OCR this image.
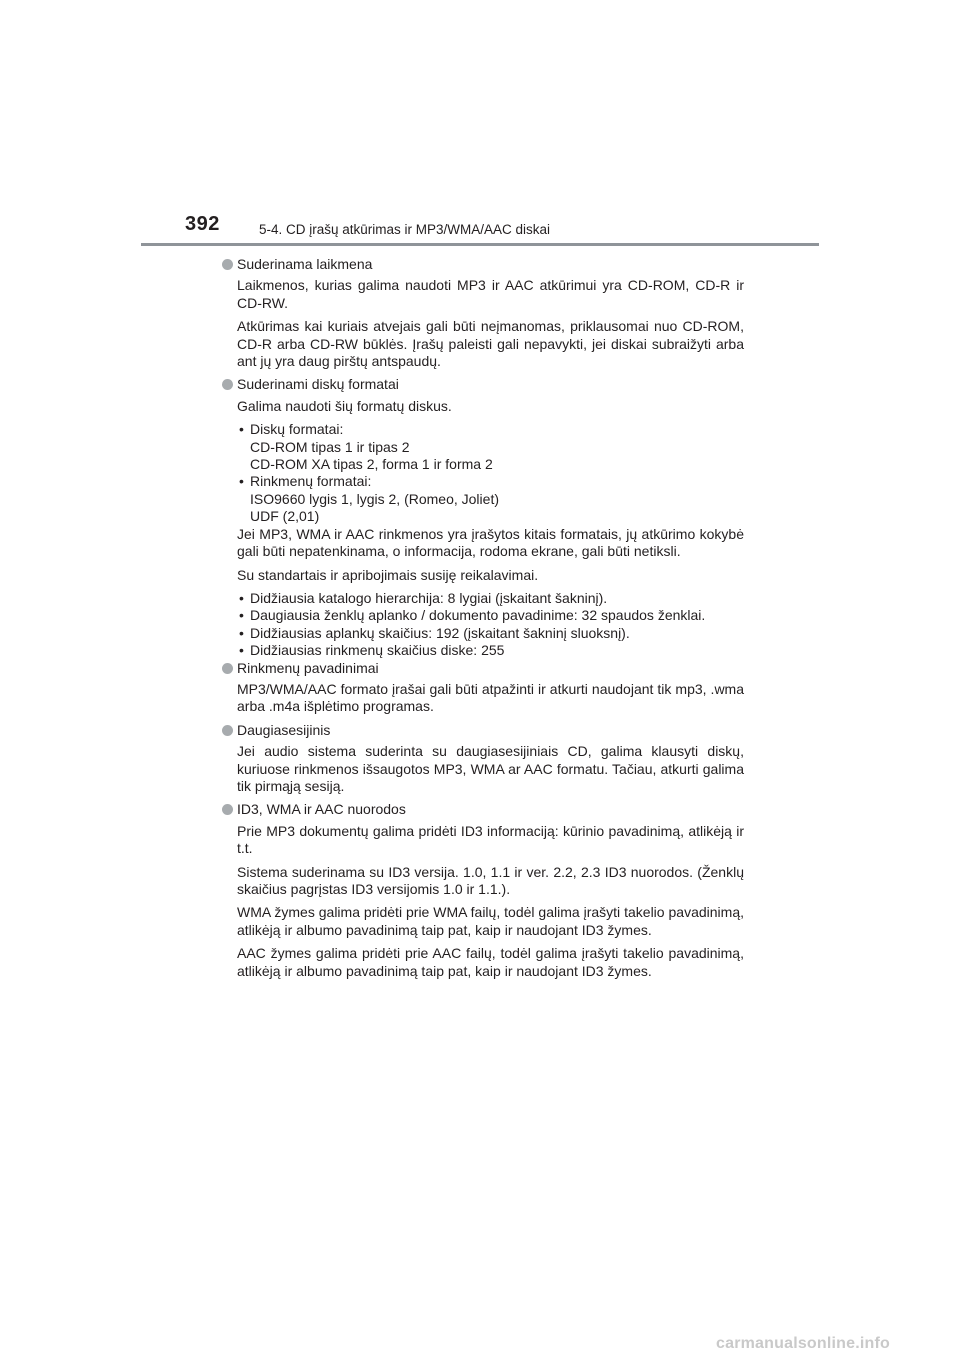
392	5-4. CD įrašų atkūrimas ir MP3/WMA/AAC diskai
Suderinama laikmena

Laikmenos, kurias galima naudoti MP3 ir AAC atkūrimui yra CD-ROM, CD-R ir CD-RW.

Atkūrimas kai kuriais atvejais gali būti neįmanomas, priklausomai nuo CD-ROM, CD-R arba CD-RW būklės. Įrašų paleisti gali nepavykti, jei diskai subraižyti arba ant jų yra daug pirštų antspaudų.

Suderinami diskų formatai

Galima naudoti šių formatų diskus.

• Diskų formatai:
CD-ROM tipas 1 ir tipas 2
CD-ROM XA tipas 2, forma 1 ir forma 2
• Rinkmenų formatai:
ISO9660 lygis 1, lygis 2, (Romeo, Joliet)
UDF (2,01)

Jei MP3, WMA ir AAC rinkmenos yra įrašytos kitais formatais, jų atkūrimo kokybė gali būti nepatenkinama, o informacija, rodoma ekrane, gali būti netiksli.

Su standartais ir apribojimais susiję reikalavimai.

• Didžiausia katalogo hierarchija: 8 lygiai (įskaitant šakninį).
• Daugiausia ženklų aplanko / dokumento pavadinime: 32 spaudos ženklai.
• Didžiausias aplankų skaičius: 192 (įskaitant šakninį sluoksnį).
• Didžiausias rinkmenų skaičius diske: 255
Rinkmenų pavadinimai

MP3/WMA/AAC formato įrašai gali būti atpažinti ir atkurti naudojant tik mp3, .wma arba .m4a išplėtimo programas.

Daugiasesijinis

Jei audio sistema suderinta su daugiasesijiniais CD, galima klausyti diskų, kuriuose rinkmenos išsaugotos MP3, WMA ar AAC formatu. Tačiau, atkurti galima tik pirmąją sesiją.

ID3, WMA ir AAC nuorodos

Prie MP3 dokumentų galima pridėti ID3 informaciją: kūrinio pavadinimą, atlikėją ir t.t.

Sistema suderinama su ID3 versija. 1.0, 1.1 ir ver. 2.2, 2.3 ID3 nuorodos. (Ženklų skaičius pagrįstas ID3 versijomis 1.0 ir 1.1.).

WMA žymes galima pridėti prie WMA failų, todėl galima įrašyti takelio pavadinimą, atlikėją ir albumo pavadinimą taip pat, kaip ir naudojant ID3 žymes.

AAC žymes galima pridėti prie AAC failų, todėl galima įrašyti takelio pavadinimą, atlikėją ir albumo pavadinimą taip pat, kaip ir naudojant ID3 žymes.

carmanualsonline.info
